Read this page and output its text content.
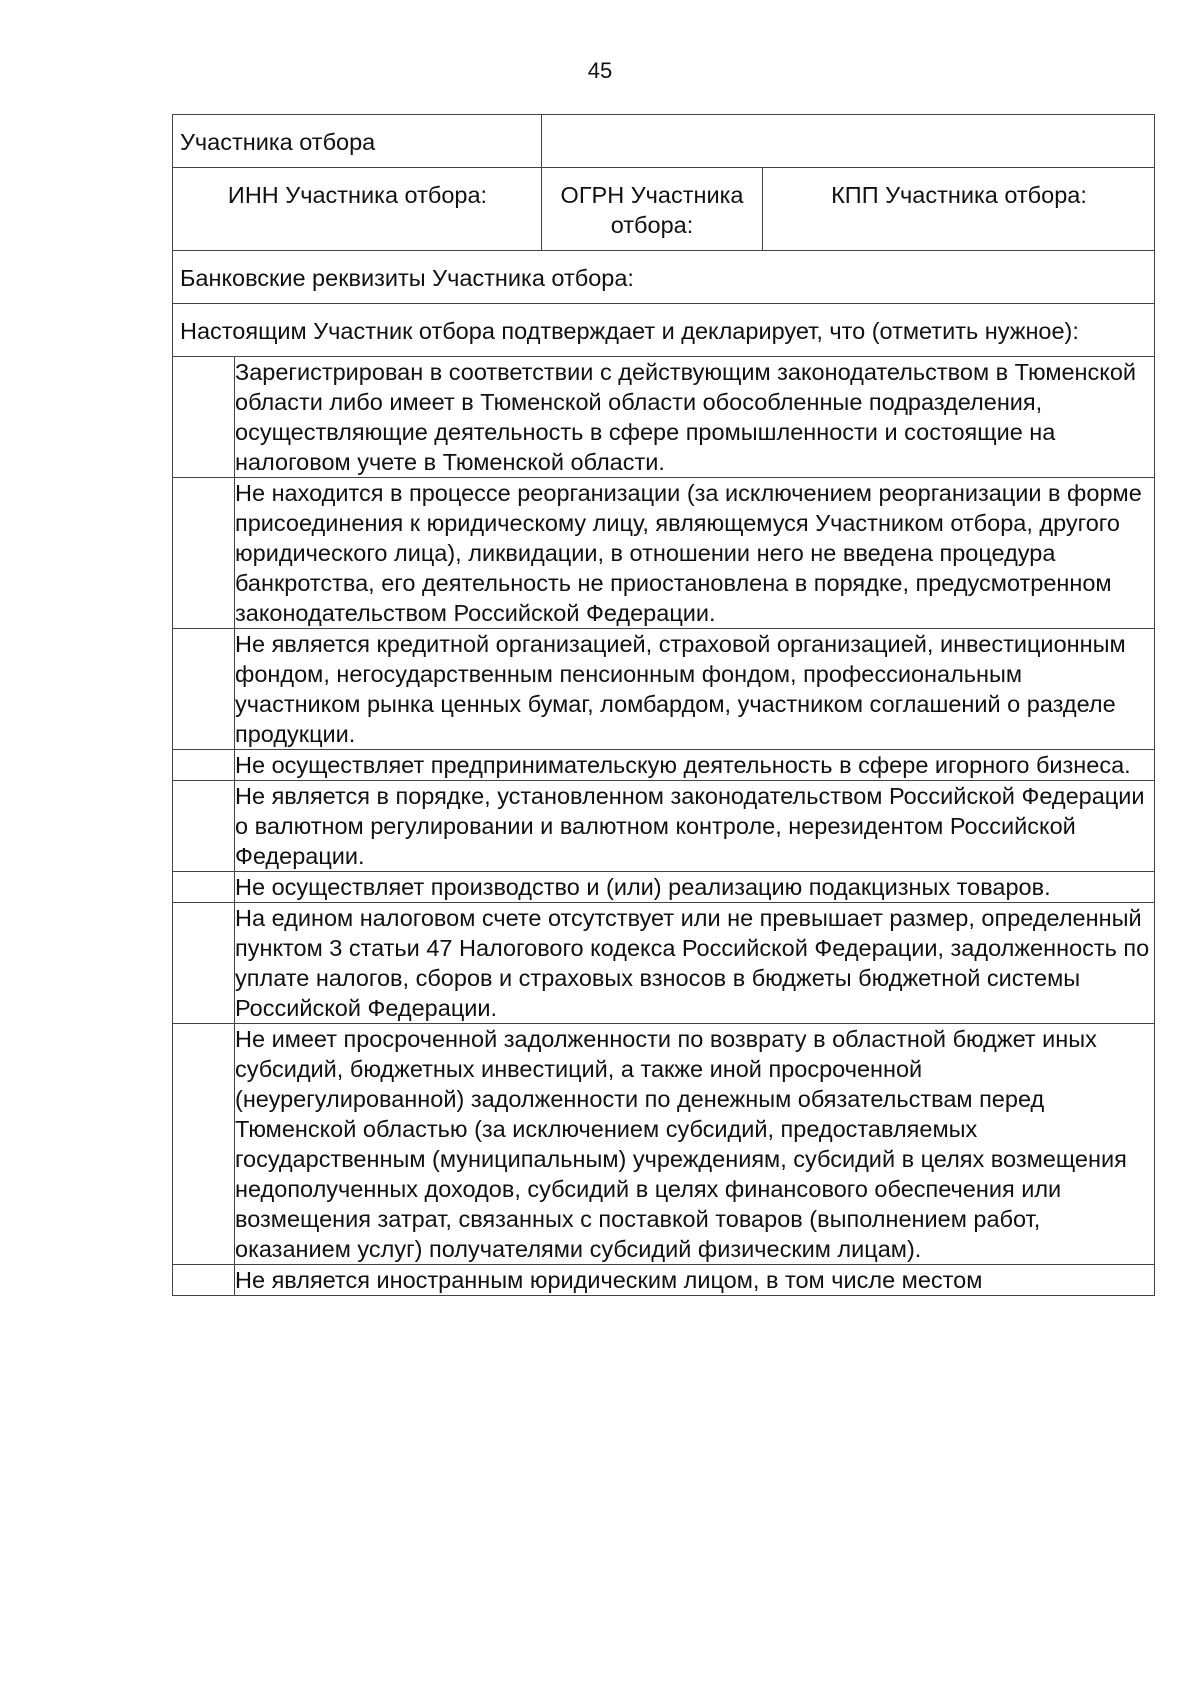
45
Участника отбора			
ИНН Участника отбора:		ОГРН Участника отбора:	КПП Участника отбора:
Банковские реквизиты Участника отбора:			
Настоящим Участник отбора подтверждает и декларирует, что (отметить нужное):			
	Зарегистрирован в соответствии с действующим законодательством в Тюменской области либо имеет в Тюменской области обособленные подразделения, осуществляющие деятельность в сфере промышленности и состоящие на налоговом учете в Тюменской области.		
	Не находится в процессе реорганизации (за исключением реорганизации в форме присоединения к юридическому лицу, являющемуся Участником отбора, другого юридического лица), ликвидации, в отношении него не введена процедура банкротства, его деятельность не приостановлена в порядке, предусмотренном законодательством Российской Федерации.		
	Не является кредитной организацией, страховой организацией, инвестиционным фондом, негосударственным пенсионным фондом, профессиональным участником рынка ценных бумаг, ломбардом, участником соглашений о разделе продукции.		
	Не осуществляет предпринимательскую деятельность в сфере игорного бизнеса.		
	Не является в порядке, установленном законодательством Российской Федерации о валютном регулировании и валютном контроле, нерезидентом Российской Федерации.		
	Не осуществляет производство и (или) реализацию подакцизных товаров.		
	На едином налоговом счете отсутствует или не превышает размер, определенный пунктом 3 статьи 47 Налогового кодекса Российской Федерации, задолженность по уплате налогов, сборов и страховых взносов в бюджеты бюджетной системы Российской Федерации.		
	Не имеет просроченной задолженности по возврату в областной бюджет иных субсидий, бюджетных инвестиций, а также иной просроченной (неурегулированной) задолженности по денежным обязательствам перед Тюменской областью (за исключением субсидий, предоставляемых государственным (муниципальным) учреждениям, субсидий в целях возмещения недополученных доходов, субсидий в целях финансового обеспечения или возмещения затрат, связанных с поставкой товаров (выполнением работ, оказанием услуг) получателями субсидий физическим лицам).		
	Не является иностранным юридическим лицом, в том числе местом		
